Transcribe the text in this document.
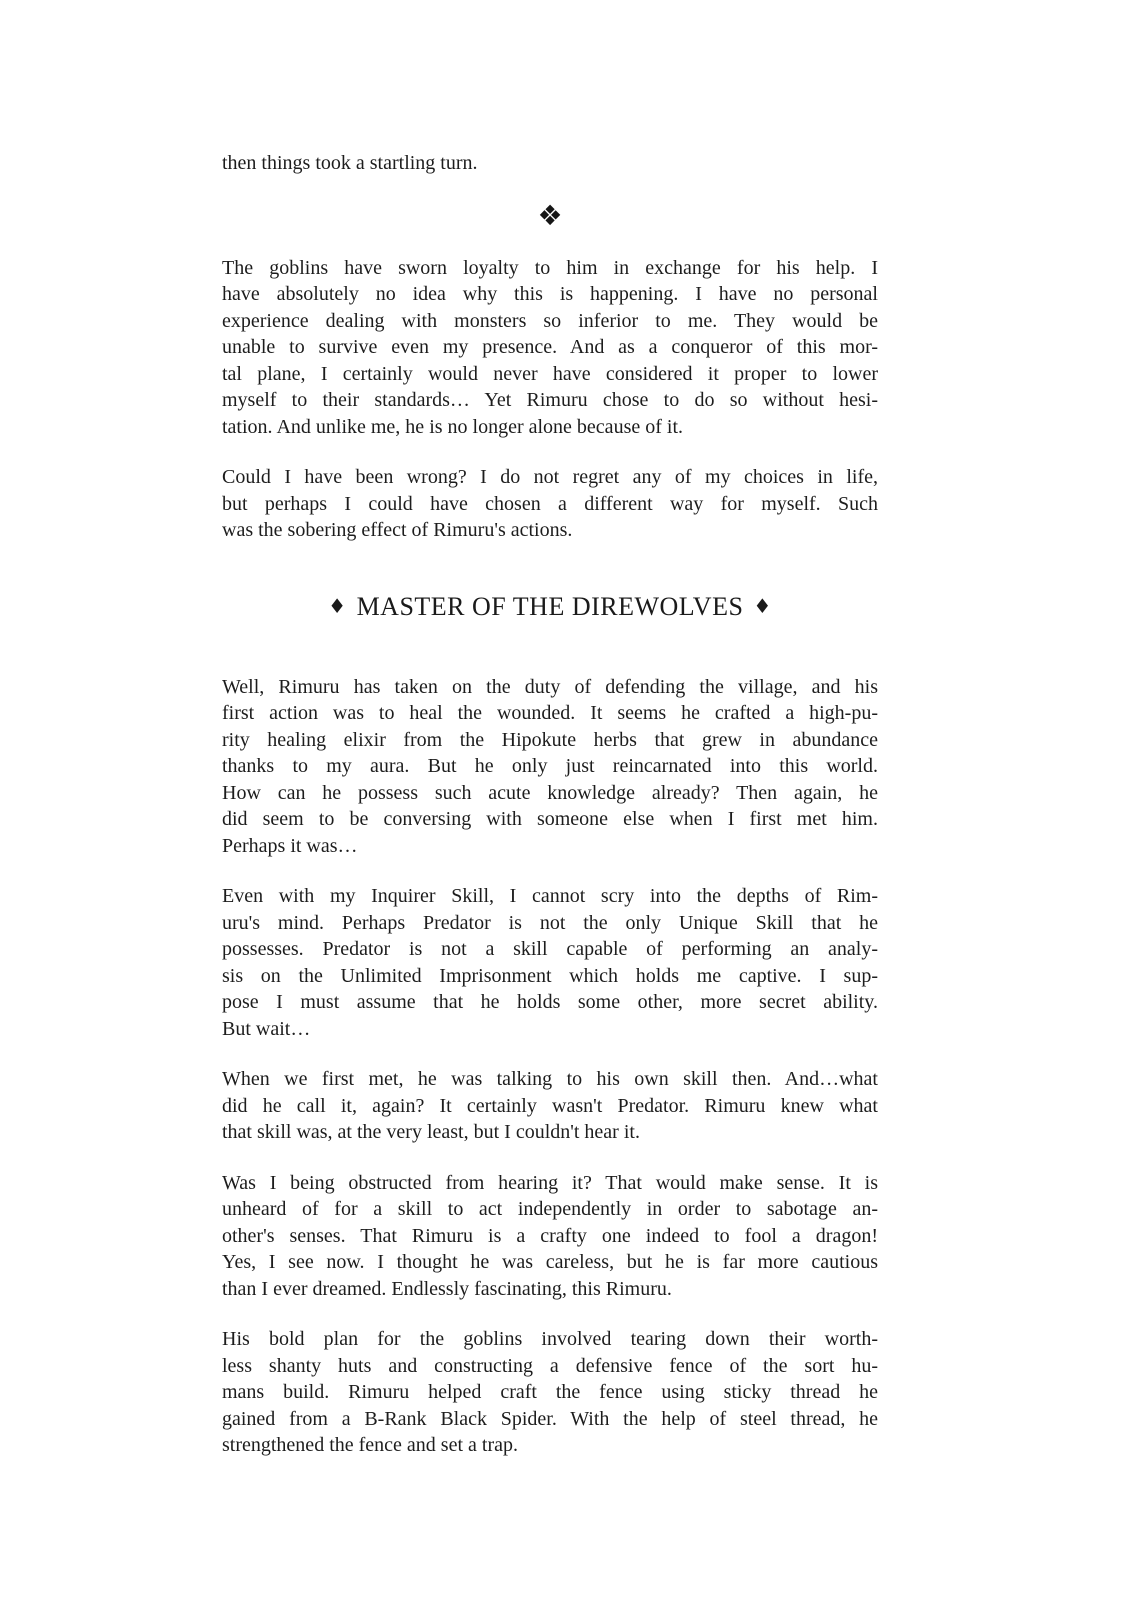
then things took a startling turn.
❖
The goblins have sworn loyalty to him in exchange for his help. I
have absolutely no idea why this is happening. I have no personal
experience dealing with monsters so inferior to me. They would be
unable to survive even my presence. And as a conqueror of this mor-
tal plane, I certainly would never have considered it proper to lower
myself to their standards… Yet Rimuru chose to do so without hesi-
tation. And unlike me, he is no longer alone because of it.
Could I have been wrong? I do not regret any of my choices in life,
but perhaps I could have chosen a different way for myself. Such
was the sobering effect of Rimuru's actions.
♦ MASTER OF THE DIREWOLVES ♦
Well, Rimuru has taken on the duty of defending the village, and his
first action was to heal the wounded. It seems he crafted a high-pu-
rity healing elixir from the Hipokute herbs that grew in abundance
thanks to my aura. But he only just reincarnated into this world.
How can he possess such acute knowledge already? Then again, he
did seem to be conversing with someone else when I first met him.
Perhaps it was…
Even with my Inquirer Skill, I cannot scry into the depths of Rim-
uru's mind. Perhaps Predator is not the only Unique Skill that he
possesses. Predator is not a skill capable of performing an analy-
sis on the Unlimited Imprisonment which holds me captive. I sup-
pose I must assume that he holds some other, more secret ability.
But wait…
When we first met, he was talking to his own skill then. And…what
did he call it, again? It certainly wasn't Predator. Rimuru knew what
that skill was, at the very least, but I couldn't hear it.
Was I being obstructed from hearing it? That would make sense. It is
unheard of for a skill to act independently in order to sabotage an-
other's senses. That Rimuru is a crafty one indeed to fool a dragon!
Yes, I see now. I thought he was careless, but he is far more cautious
than I ever dreamed. Endlessly fascinating, this Rimuru.
His bold plan for the goblins involved tearing down their worth-
less shanty huts and constructing a defensive fence of the sort hu-
mans build. Rimuru helped craft the fence using sticky thread he
gained from a B-Rank Black Spider. With the help of steel thread, he
strengthened the fence and set a trap.
